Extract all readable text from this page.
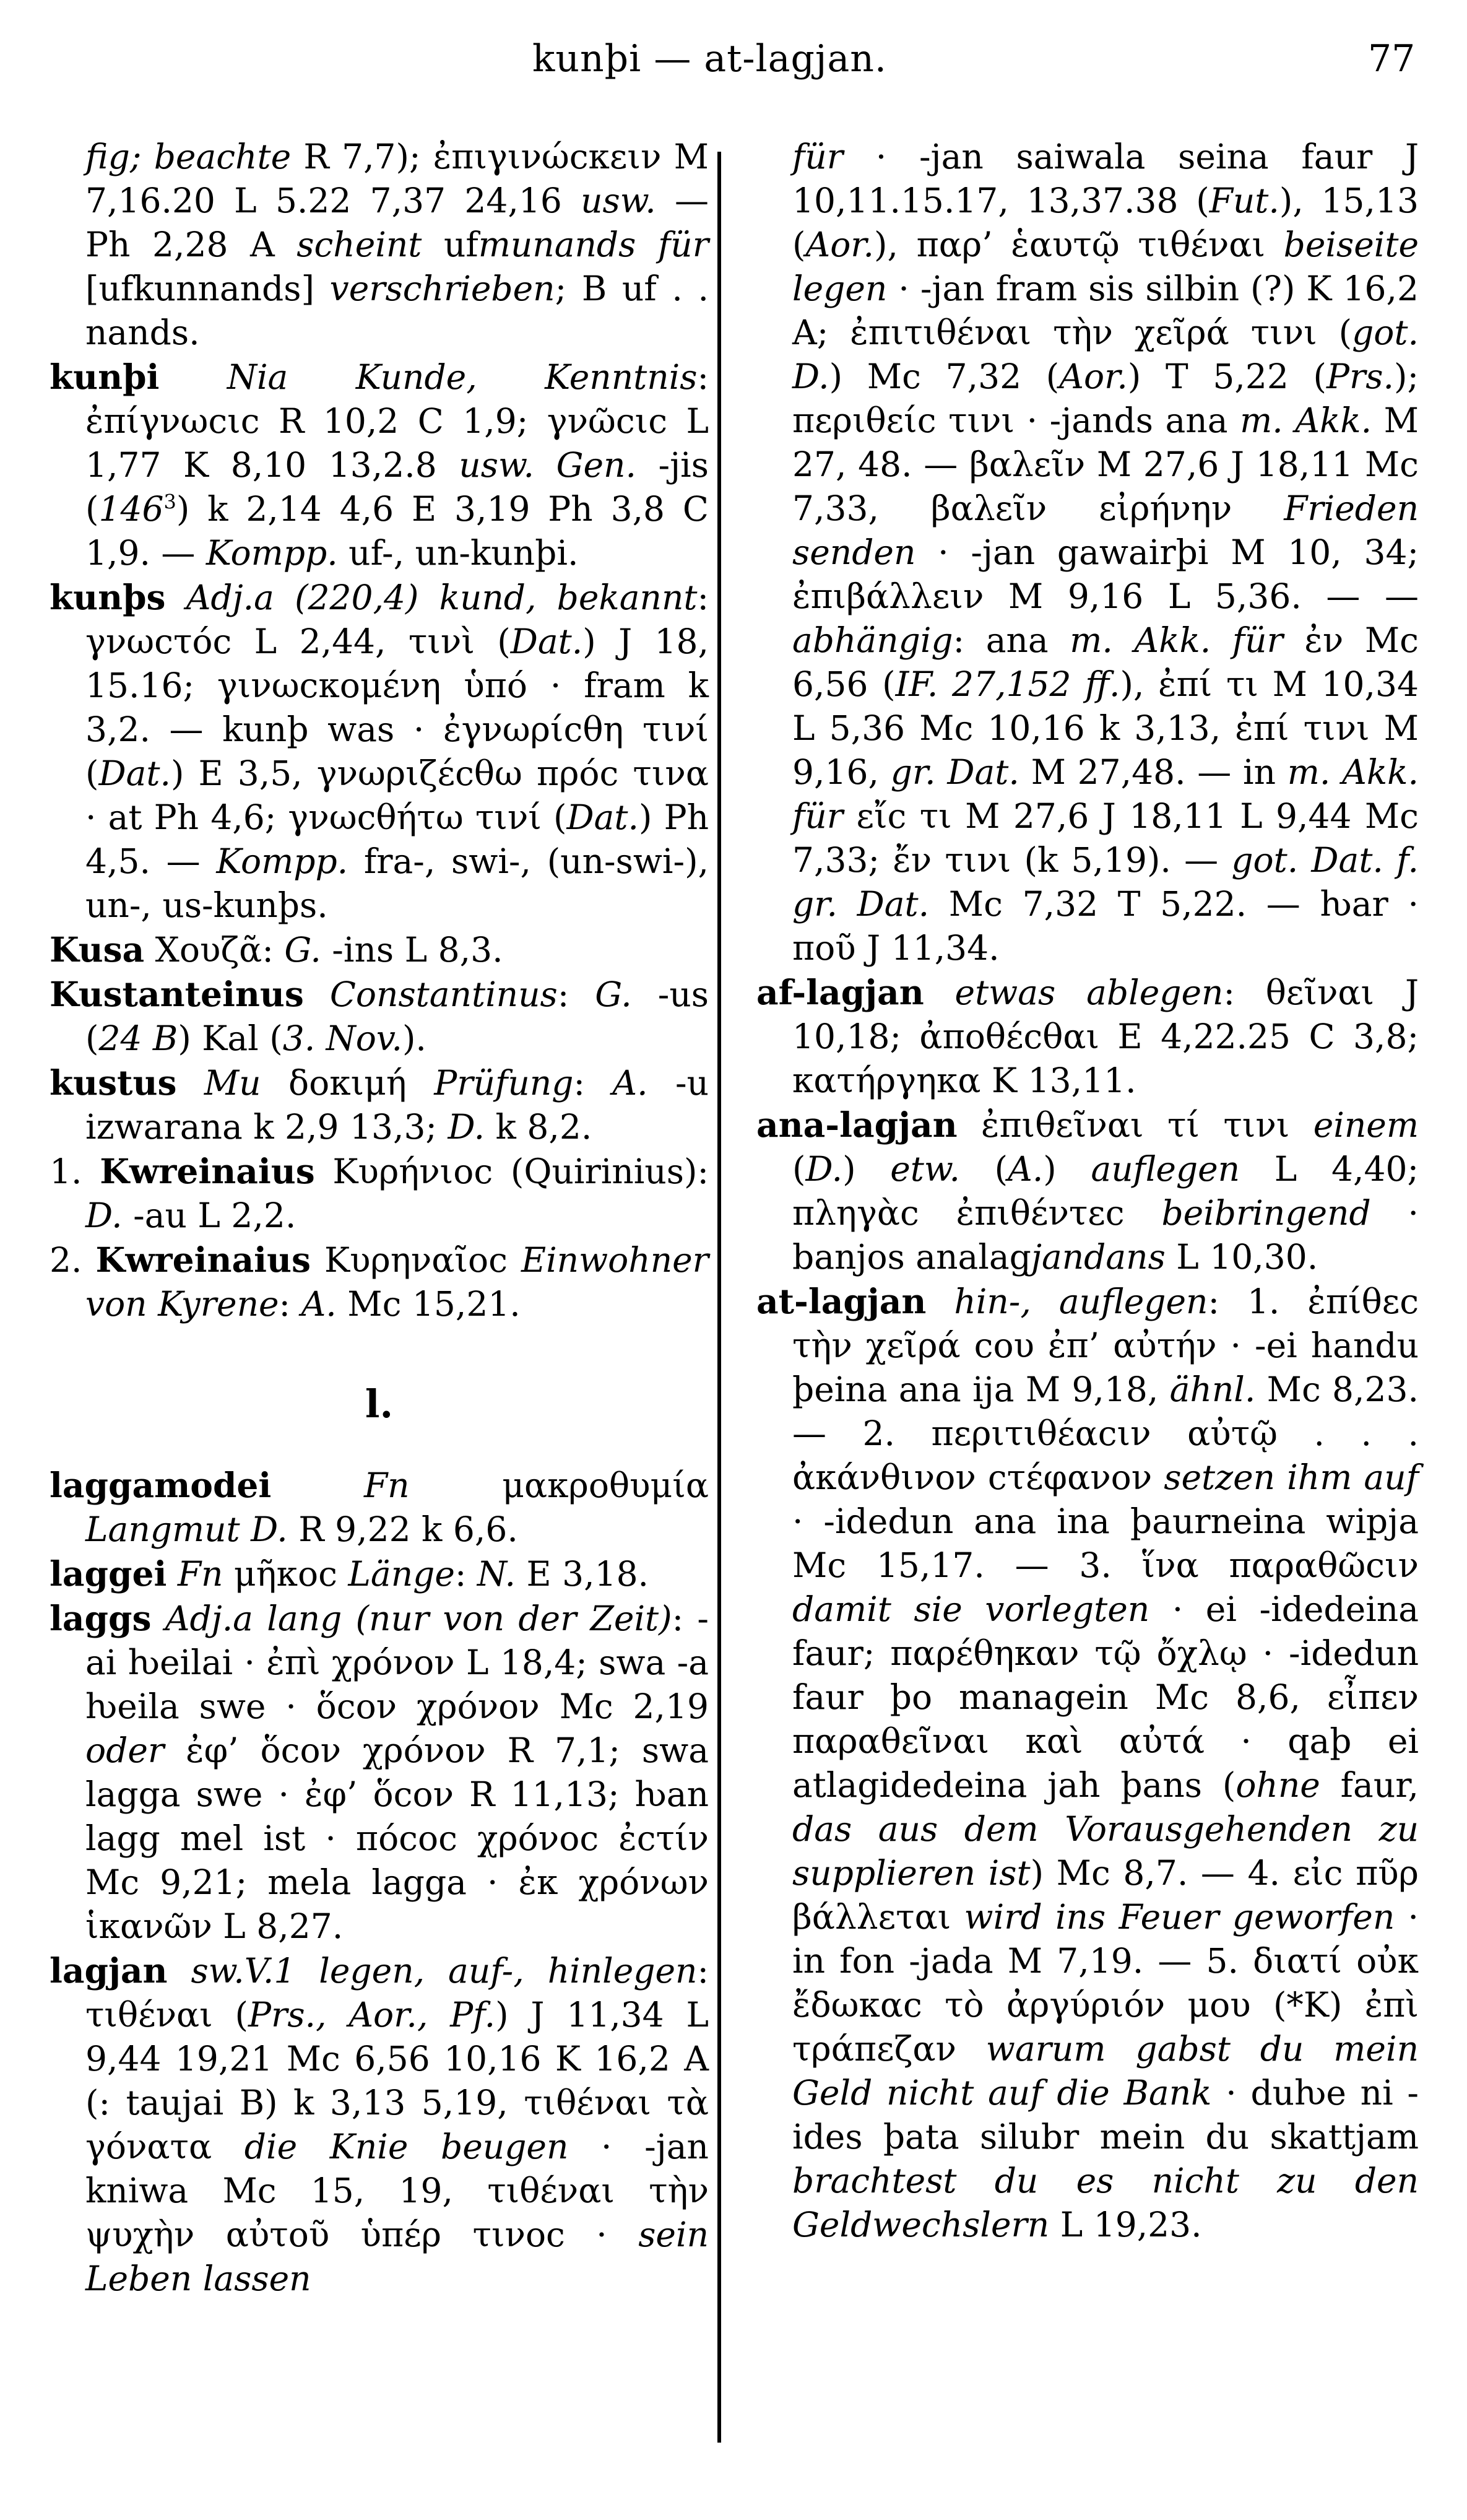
kunþi — at-lagjan.	77

fig; beachte R 7,7); ἐπιγινώϲκειν M 7,16.20 L 5.22 7,37 24,16 usw. — Ph 2,28 A scheint ufmunands für [ufkunnands] verschrieben; B uf . . nands.

kunþi Nia Kunde, Kenntnis: ἐπίγνωϲιϲ R 10,2 C 1,9; γνῶϲιϲ L 1,77 K 8,10 13,2.8 usw. Gen. -jis $(146^3)$ k 2,14 4,6 E 3,19 Ph 3,8 C 1,9. — Kompp. uf-, un-kunþi.

kunþs Adj.a (220,4) kund, bekannt: γνωϲτόϲ L 2,44, τινὶ (Dat.) J 18, 15.16; γινωϲκομένη ὑπό · fram k 3,2. — kunþ was · ἐγνωρίϲθη τινί (Dat.) E 3,5, γνωριζέϲθω πρόϲ τινα · at Ph 4,6; γνωϲθήτω τινί (Dat.) Ph 4,5. — Kompp. fra-, swi-, (un-swi-), un-, us-kunþs.

Kusa Χουζᾶ: G. -ins L 8,3.

Kustanteinus Constantinus: G. -us (24 B) Kal (3. Nov.).

kustus Mu δοκιμή Prüfung: A. -u izwarana k 2,9 13,3; D. k 8,2.

1. Kwreinaius Κυρήνιοϲ (Quirinius): D. -au L 2,2.

2. Kwreinaius Κυρηναῖοϲ Einwohner von Kyrene: A. Mc 15,21.

l.

laggamodei	Fn μακροθυμία Langmut D. R 9,22 k 6,6.

laggei Fn μῆκοϲ Länge: N. E 3,18.

laggs Adj.a lang (nur von der Zeit): -ai ƕeilai · ἐπὶ χρόνον L 18,4; swa -a ƕeila swe · ὅϲον χρόνον Mc 2,19 oder ἐφ’ ὅϲον χρόνον R 7,1; swa lagga swe · ἐφ’ ὅϲον R 11,13; ƕan lagg mel ist · πόϲοϲ χρόνοϲ ἐϲτίν Mc 9,21; mela lagga · ἐκ χρόνων ἱκανῶν L 8,27.

lagjan sw.V.1 legen, auf-, hinlegen: τιθέναι (Prs., Aor., Pf.) J 11,34 L 9,44 19,21 Mc 6,56 10,16 K 16,2 A (: taujai B) k 3,13 5,19, τιθέναι τὰ γόνατα die Knie beugen · -jan kniwa Mc 15, 19, τιθέναι τὴν ψυχὴν αὐτοῦ ὑπέρ τινοϲ · sein Leben lassen

für · -jan saiwala seina faur J 10,11.15.17, 13,37.38 (Fut.), 15,13 (Aor.), παρ’ ἑαυτῷ τιθέναι beiseite legen · -jan fram sis silbin (?) K 16,2 A; ἐπιτιθέναι τὴν χεῖρά τινι (got. D.) Mc 7,32 (Aor.) T 5,22 (Prs.); περιθείϲ τινι · -jands ana m. Akk. M 27, 48. — βαλεῖν M 27,6 J 18,11 Mc 7,33, βαλεῖν εἰρήνην Frieden senden · -jan gawairþi M 10, 34; ἐπιβάλλειν M 9,16 L 5,36. — — abhängig: ana m. Akk. für ἐν Mc 6,56 (IF. 27,152 ff.), ἐπί τι M 10,34 L 5,36 Mc 10,16 k 3,13, ἐπί τινι M 9,16, gr. Dat. M 27,48. — in m. Akk. für εἴϲ τι M 27,6 J 18,11 L 9,44 Mc 7,33; ἔν τινι (k 5,19). — got. Dat. f. gr. Dat. Mc 7,32 T 5,22. — ƕar · ποῦ J 11,34.

af-lagjan etwas ablegen: θεῖναι J 10,18; ἀποθέϲθαι E 4,22.25 C 3,8; κατήργηκα K 13,11.

ana-lagjan ἐπιθεῖναι τί τινι einem (D.) etw. (A.) auflegen L 4,40; πληγὰϲ ἐπιθέντεϲ beibringend · banjos analagjandans L 10,30.

at-lagjan hin-, auflegen: 1. ἐπίθεϲ τὴν χεῖρά ϲου ἐπ’ αὐτήν · -ei handu þeina ana ija M 9,18, ähnl. Mc 8,23. — 2. περιτιθέαϲιν αὐτῷ . . . ἀκάνθινον ϲτέφανον setzen ihm auf · -idedun ana ina þaurneina wipja Mc 15,17. — 3. ἵνα παραθῶϲιν damit sie vorlegten · ei -idedeina faur; παρέθηκαν τῷ ὄχλῳ · -idedun faur þo managein Mc 8,6, εἶπεν παραθεῖναι καὶ αὐτά · qaþ ei atlagidedeina jah þans (ohne faur, das aus dem Vorausgehenden zu supplieren ist) Mc 8,7. — 4. εἰϲ πῦρ βάλλεται wird ins Feuer geworfen · in fon -jada M 7,19. — 5. διατί οὐκ ἔδωκαϲ τὸ ἀργύριόν μου (*K) ἐπὶ τράπεζαν warum gabst du mein Geld nicht auf die Bank · duƕe ni -ides þata silubr mein du skattjam brachtest du es nicht zu den Geldwechslern L 19,23.
